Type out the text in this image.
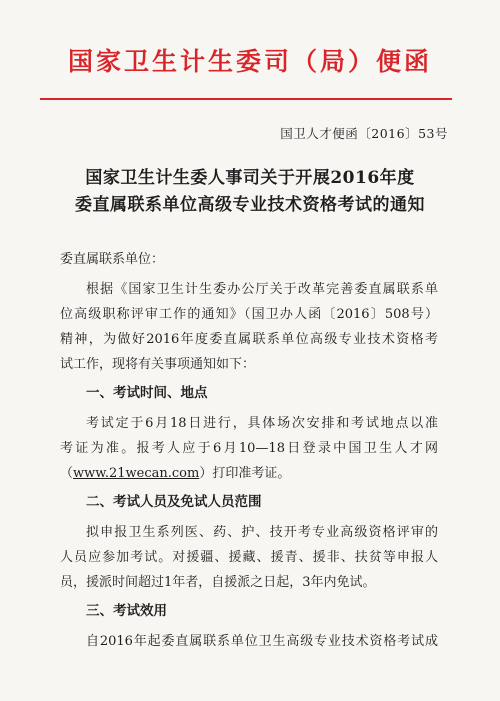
国家卫生计生委司（局）便函
国卫人才便函〔2016〕53号
国家卫生计生委人事司关于开展2016年度
委直属联系单位高级专业技术资格考试的通知
委直属联系单位：
根据《国家卫生计生委办公厅关于改革完善委直属联系单
位高级职称评审工作的通知》（国卫办人函〔2016〕508号）
精神，为做好2016年度委直属联系单位高级专业技术资格考
试工作，现将有关事项通知如下：
一、考试时间、地点
考试定于6月18日进行，具体场次安排和考试地点以准
考证为准。报考人应于6月10—18日登录中国卫生人才网
（www.21wecan.com）打印准考证。
二、考试人员及免试人员范围
拟申报卫生系列医、药、护、技开考专业高级资格评审的
人员应参加考试。对援疆、援藏、援青、援非、扶贫等申报人
员，援派时间超过1年者，自援派之日起，3年内免试。
三、考试效用
自2016年起委直属联系单位卫生高级专业技术资格考试成
